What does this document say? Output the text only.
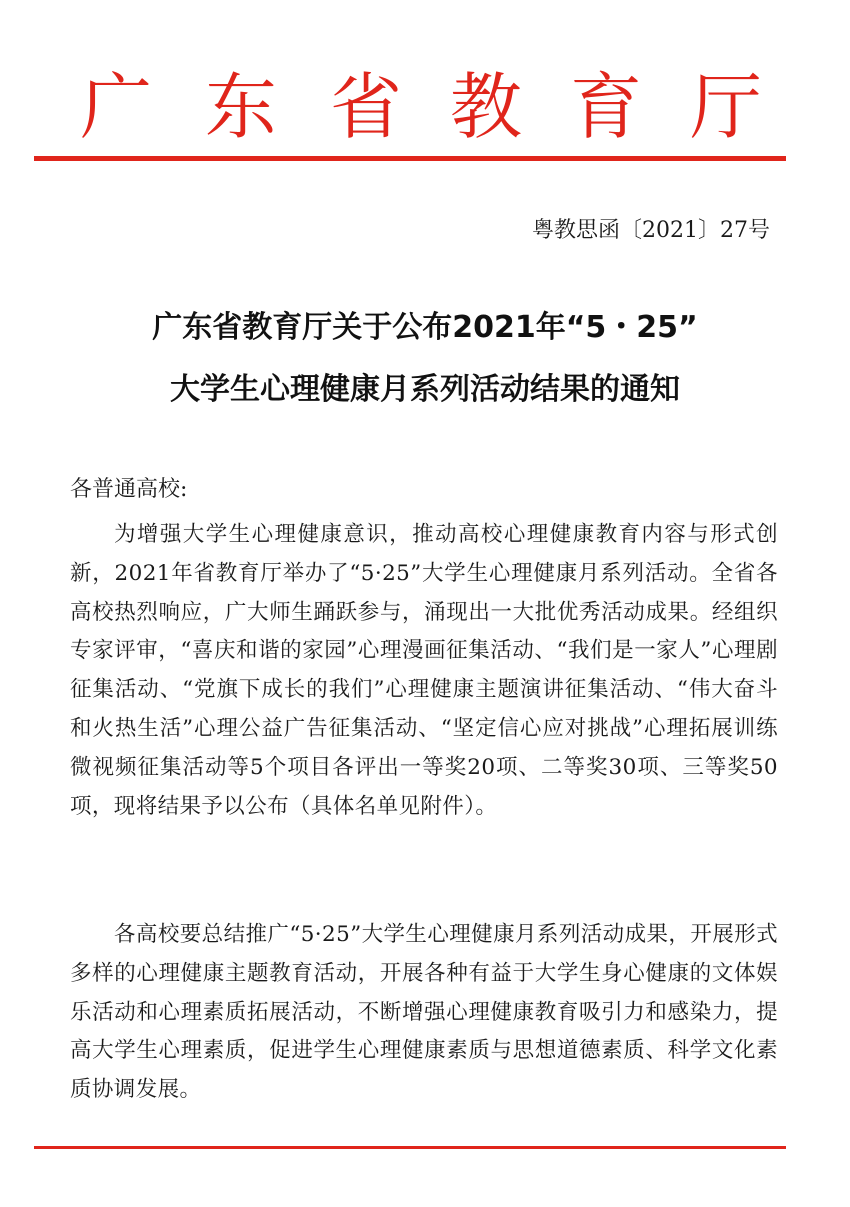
广 东 省 教 育 厅
粤教思函〔2021〕27号
广东省教育厅关于公布2021年“5・25”
大学生心理健康月系列活动结果的通知
各普通高校:

为增强大学生心理健康意识，推动高校心理健康教育内容与形式创新，2021年省教育厅举办了“5·25”大学生心理健康月系列活动。全省各高校热烈响应，广大师生踊跃参与，涌现出一大批优秀活动成果。经组织专家评审，“喜庆和谐的家园”心理漫画征集活动、“我们是一家人”心理剧征集活动、“党旗下成长的我们”心理健康主题演讲征集活动、“伟大奋斗和火热生活”心理公益广告征集活动、“坚定信心应对挑战”心理拓展训练微视频征集活动等5个项目各评出一等奖20项、二等奖30项、三等奖50项，现将结果予以公布（具体名单见附件）。

各高校要总结推广“5·25”大学生心理健康月系列活动成果，开展形式多样的心理健康主题教育活动，开展各种有益于大学生身心健康的文体娱乐活动和心理素质拓展活动，不断增强心理健康教育吸引力和感染力，提高大学生心理素质，促进学生心理健康素质与思想道德素质、科学文化素质协调发展。
